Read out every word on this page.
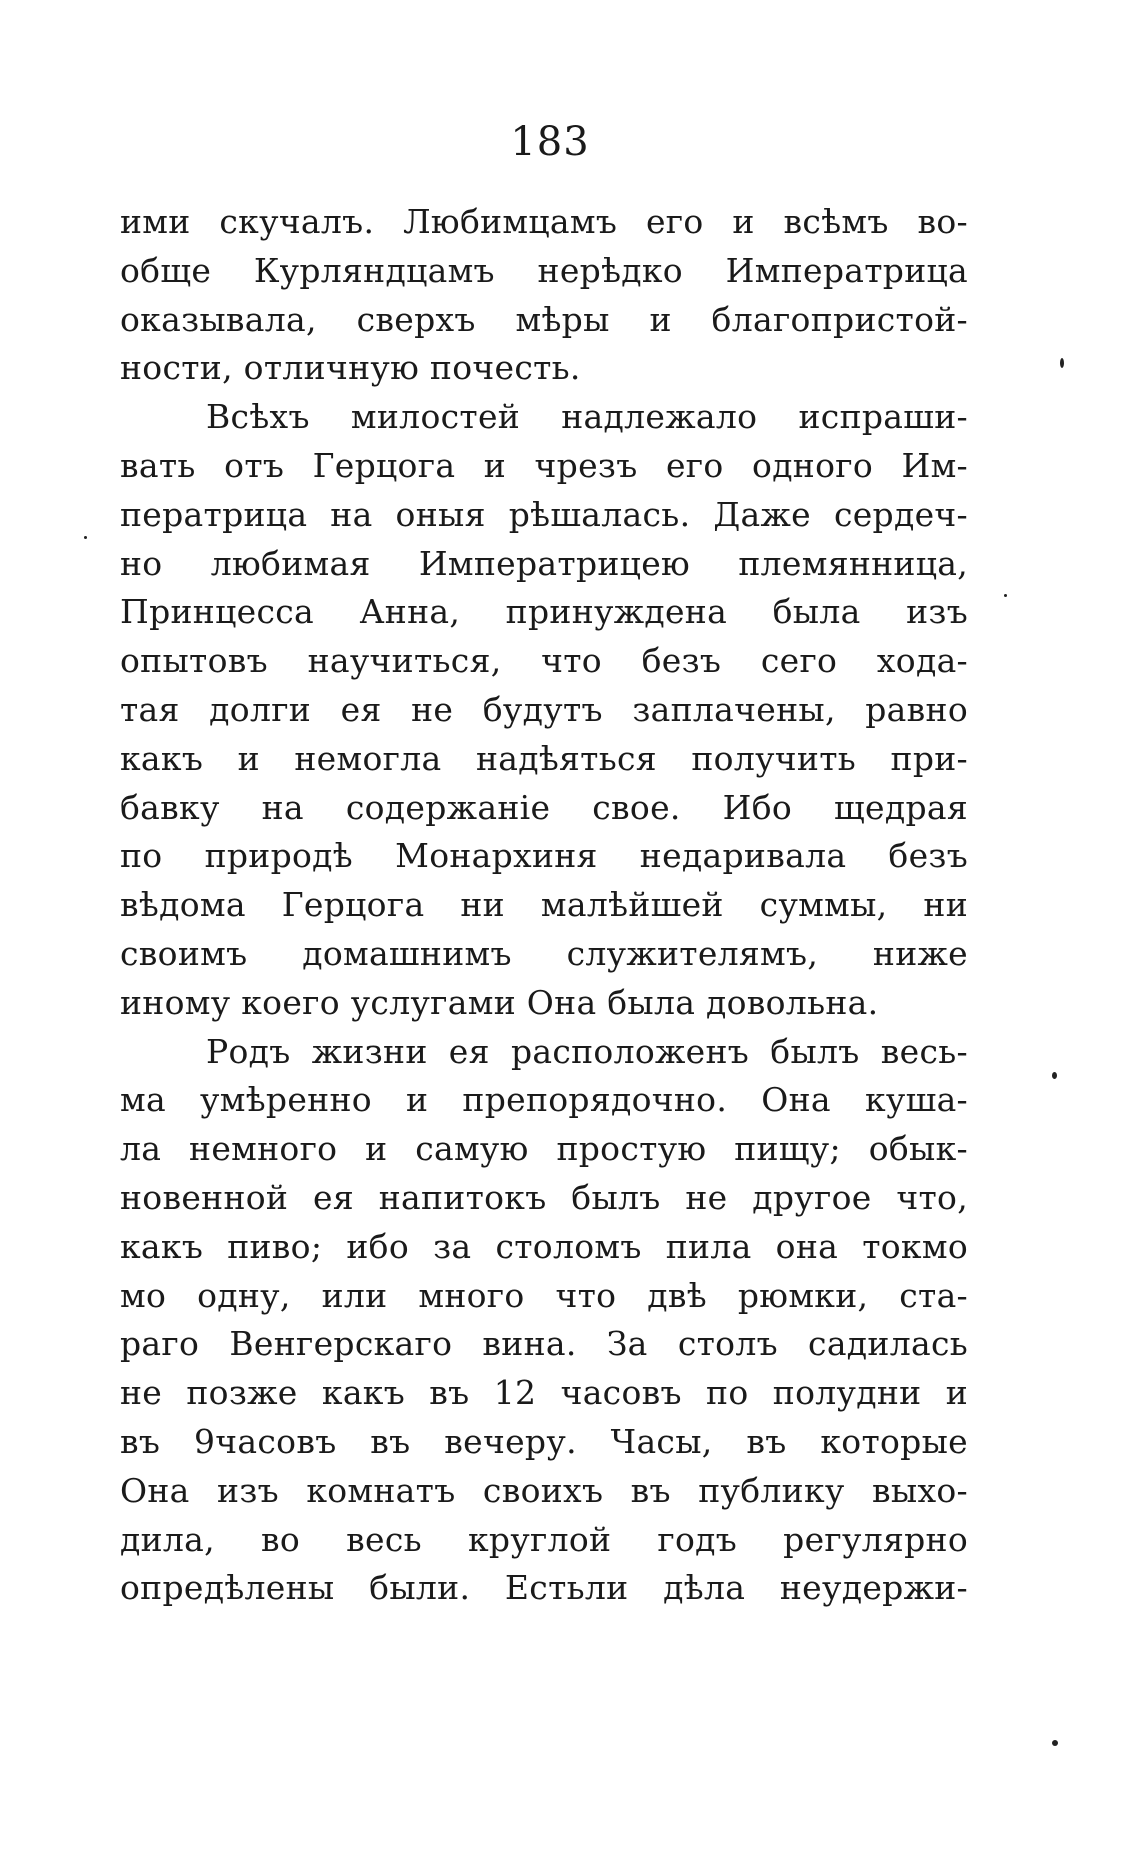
183
ими скучалъ. Любимцамъ его и всѣмъ во-
обще Курляндцамъ нерѣдко Императрица
оказывала, сверхъ мѣры и благопристой-
ности, отличную почесть.
Всѣхъ милостей надлежало испраши-
вать отъ Герцога и чрезъ его одного Им-
ператрица на оныя рѣшалась. Даже сердеч-
но любимая Императрицею племянница,
Принцесса Анна, принуждена была изъ
опытовъ научиться, что безъ сего хода-
тая долги ея не будутъ заплачены, равно
какъ и немогла надѣяться получить при-
бавку на содержаніе свое. Ибо щедрая
по природѣ Монархиня недаривала безъ
вѣдома Герцога ни малѣйшей суммы, ни
своимъ домашнимъ служителямъ, ниже
иному коего услугами Она была довольна.
Родъ жизни ея расположенъ былъ весь-
ма умѣренно и препорядочно. Она куша-
ла немного и самую простую пищу; обык-
новенной ея напитокъ былъ не другое что,
какъ пиво; ибо за столомъ пила она токмо
мо одну, или много что двѣ рюмки, ста-
раго Венгерскаго вина. За столъ садилась
не позже какъ въ 12 часовъ по полудни и
въ 9часовъ въ вечеру. Часы, въ которые
Она изъ комнатъ своихъ въ публику выхо-
дила, во весь круглой годъ регулярно
опредѣлены были. Естьли дѣла неудержи-
